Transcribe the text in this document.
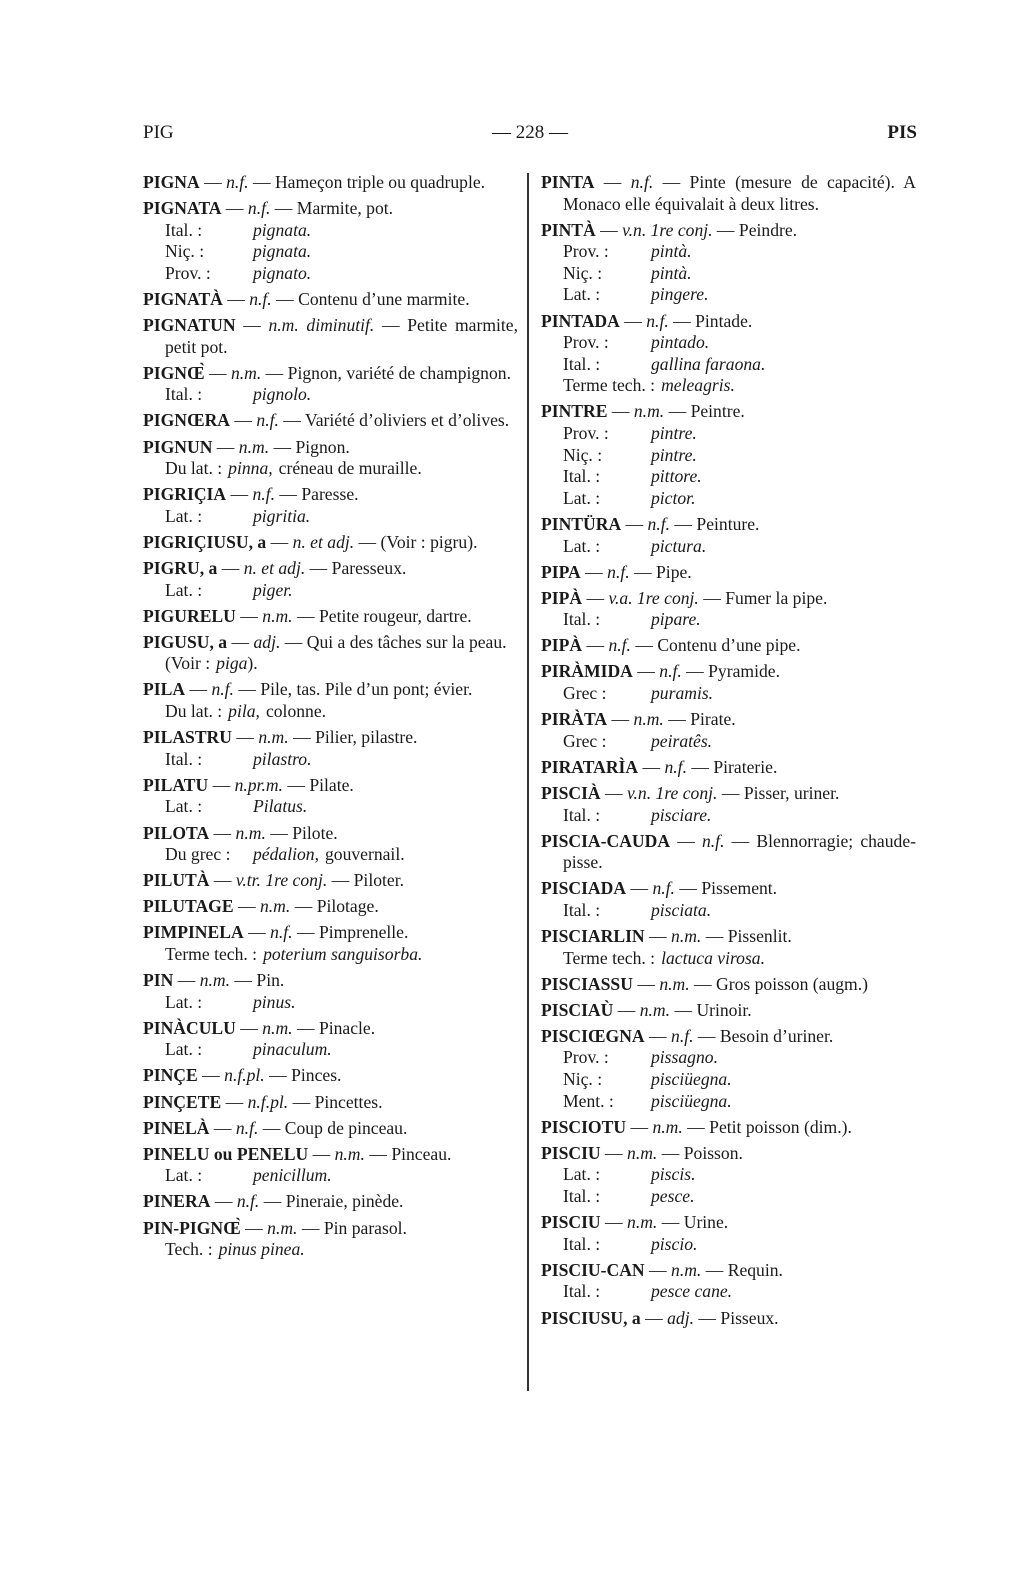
PIG	— 228 —	PIS
PIGNA — n.f. — Hameçon triple ou quadruple.
PIGNATA — n.f. — Marmite, pot.
Ital. :	pignata.
Niç. :	pignata.
Prov. :	pignato.
PIGNATÀ — n.f. — Contenu d’une marmite.
PIGNATUN — n.m. diminutif. — Petite marmite, petit pot.
PIGNŒ̀ — n.m. — Pignon, variété de champignon.
Ital. :	pignolo.
PIGNŒRA — n.f. — Variété d’oliviers et d’olives.
PIGNUN — n.m. — Pignon.
Du lat. : pinna, créneau de muraille.
PIGRIÇIA — n.f. — Paresse.
Lat. :	pigritia.
PIGRIÇIUSU, a — n. et adj. — (Voir : pigru).
PIGRU, a — n. et adj. — Paresseux.
Lat. :	piger.
PIGURELU — n.m. — Petite rougeur, dartre.
PIGUSU, a — adj. — Qui a des tâches sur la peau.
(Voir : piga ).
PILA — n.f. — Pile, tas. Pile d’un pont; évier.
Du lat. : pila, colonne.
PILASTRU — n.m. — Pilier, pilastre.
Ital. :	pilastro.
PILATU — n.pr.m. — Pilate.
Lat. :	Pilatus.
PILOTA — n.m. — Pilote.
Du grec :	pédalion, gouvernail.
PILUTÀ — v.tr. 1re conj. — Piloter.
PILUTAGE — n.m. — Pilotage.
PIMPINELA — n.f. — Pimprenelle.
Terme tech. : poterium sanguisorba.
PIN — n.m. — Pin.
Lat. :	pinus.
PINÀCULU — n.m. — Pinacle.
Lat. :	pinaculum.
PINÇE — n.f.pl. — Pinces.
PINÇETE — n.f.pl. — Pincettes.
PINELÀ — n.f. — Coup de pinceau.
PINELU ou PENELU — n.m. — Pinceau.
Lat. :	penicillum.
PINERA — n.f. — Pineraie, pinède.
PIN-PIGNŒ̀ — n.m. — Pin parasol.
Tech. : pinus pinea.
PINTA — n.f. — Pinte (mesure de capacité). A Monaco elle équivalait à deux litres.
PINTÀ — v.n. 1re conj. — Peindre.
Prov. :	pintà.
Niç. :	pintà.
Lat. :	pingere.
PINTADA — n.f. — Pintade.
Prov. :	pintado.
Ital. :	gallina faraona.
Terme tech. : meleagris.
PINTRE — n.m. — Peintre.
Prov. :	pintre.
Niç. :	pintre.
Ital. :	pittore.
Lat. :	pictor.
PINTÜRA — n.f. — Peinture.
Lat. :	pictura.
PIPA — n.f. — Pipe.
PIPÀ — v.a. 1re conj. — Fumer la pipe.
Ital. :	pipare.
PIPÀ — n.f. — Contenu d’une pipe.
PIRÀMIDA — n.f. — Pyramide.
Grec :	puramis.
PIRÀTA — n.m. — Pirate.
Grec :	peiratês.
PIRATARÌA — n.f. — Piraterie.
PISCIÀ — v.n. 1re conj. — Pisser, uriner.
Ital. :	pisciare.
PISCIA-CAUDA — n.f. — Blennorragie; chaude-pisse.
PISCIADA — n.f. — Pissement.
Ital. :	pisciata.
PISCIARLIN — n.m. — Pissenlit.
Terme tech. : lactuca virosa.
PISCIASSU — n.m. — Gros poisson (augm.)
PISCIAÙ — n.m. — Urinoir.
PISCIŒGNA — n.f. — Besoin d’uriner.
Prov. :	pissagno.
Niç. :	pisciüegna.
Ment. :	pisciüegna.
PISCIOTU — n.m. — Petit poisson (dim.).
PISCIU — n.m. — Poisson.
Lat. :	piscis.
Ital. :	pesce.
PISCIU — n.m. — Urine.
Ital. :	piscio.
PISCIU-CAN — n.m. — Requin.
Ital. :	pesce cane.
PISCIUSU, a — adj. — Pisseux.
